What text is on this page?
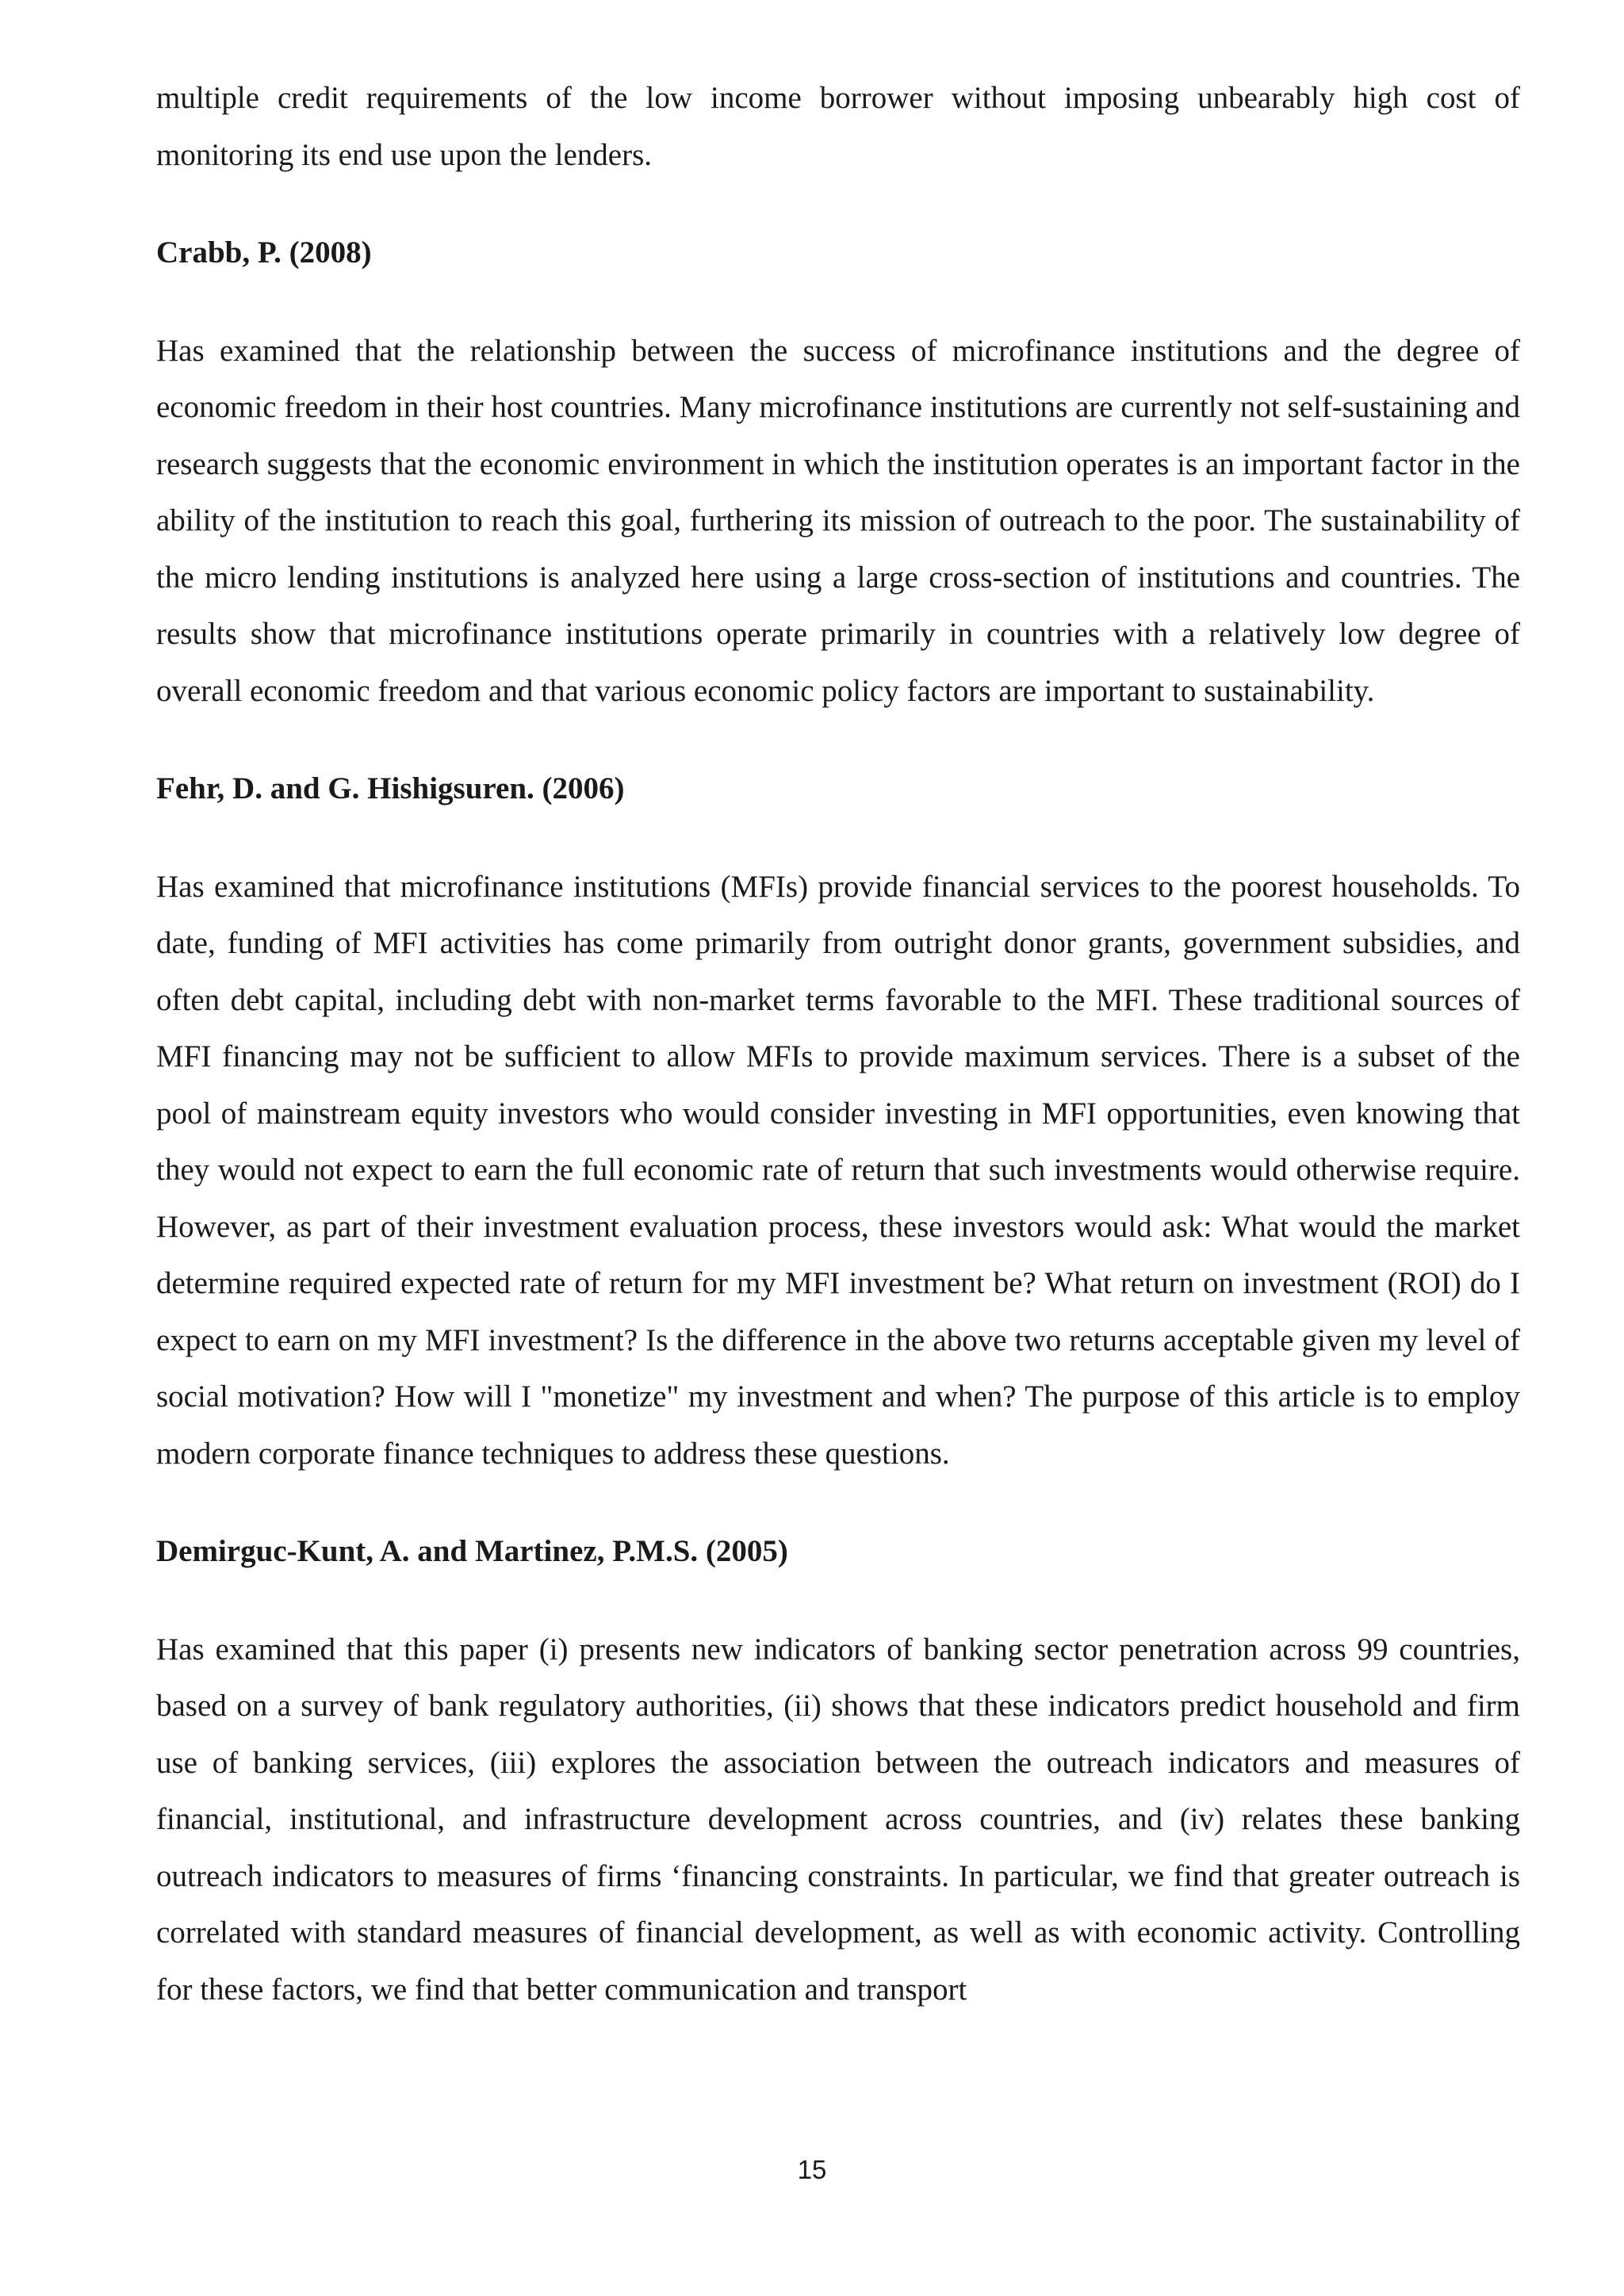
multiple credit requirements of the low income borrower without imposing unbearably high cost of monitoring its end use upon the lenders.

Crabb, P. (2008)

Has examined that the relationship between the success of microfinance institutions and the degree of economic freedom in their host countries. Many microfinance institutions are currently not self-sustaining and research suggests that the economic environment in which the institution operates is an important factor in the ability of the institution to reach this goal, furthering its mission of outreach to the poor. The sustainability of the micro lending institutions is analyzed here using a large cross-section of institutions and countries. The results show that microfinance institutions operate primarily in countries with a relatively low degree of overall economic freedom and that various economic policy factors are important to sustainability.

Fehr, D. and G. Hishigsuren. (2006)

Has examined that microfinance institutions (MFIs) provide financial services to the poorest households. To date, funding of MFI activities has come primarily from outright donor grants, government subsidies, and often debt capital, including debt with non-market terms favorable to the MFI. These traditional sources of MFI financing may not be sufficient to allow MFIs to provide maximum services. There is a subset of the pool of mainstream equity investors who would consider investing in MFI opportunities, even knowing that they would not expect to earn the full economic rate of return that such investments would otherwise require. However, as part of their investment evaluation process, these investors would ask: What would the market determine required expected rate of return for my MFI investment be? What return on investment (ROI) do I expect to earn on my MFI investment? Is the difference in the above two returns acceptable given my level of social motivation? How will I "monetize" my investment and when? The purpose of this article is to employ modern corporate finance techniques to address these questions.

Demirguc-Kunt, A. and Martinez, P.M.S. (2005)

Has examined that this paper (i) presents new indicators of banking sector penetration across 99 countries, based on a survey of bank regulatory authorities, (ii) shows that these indicators predict household and firm use of banking services, (iii) explores the association between the outreach indicators and measures of financial, institutional, and infrastructure development across countries, and (iv) relates these banking outreach indicators to measures of firms ‘financing constraints. In particular, we find that greater outreach is correlated with standard measures of financial development, as well as with economic activity. Controlling for these factors, we find that better communication and transport

15
